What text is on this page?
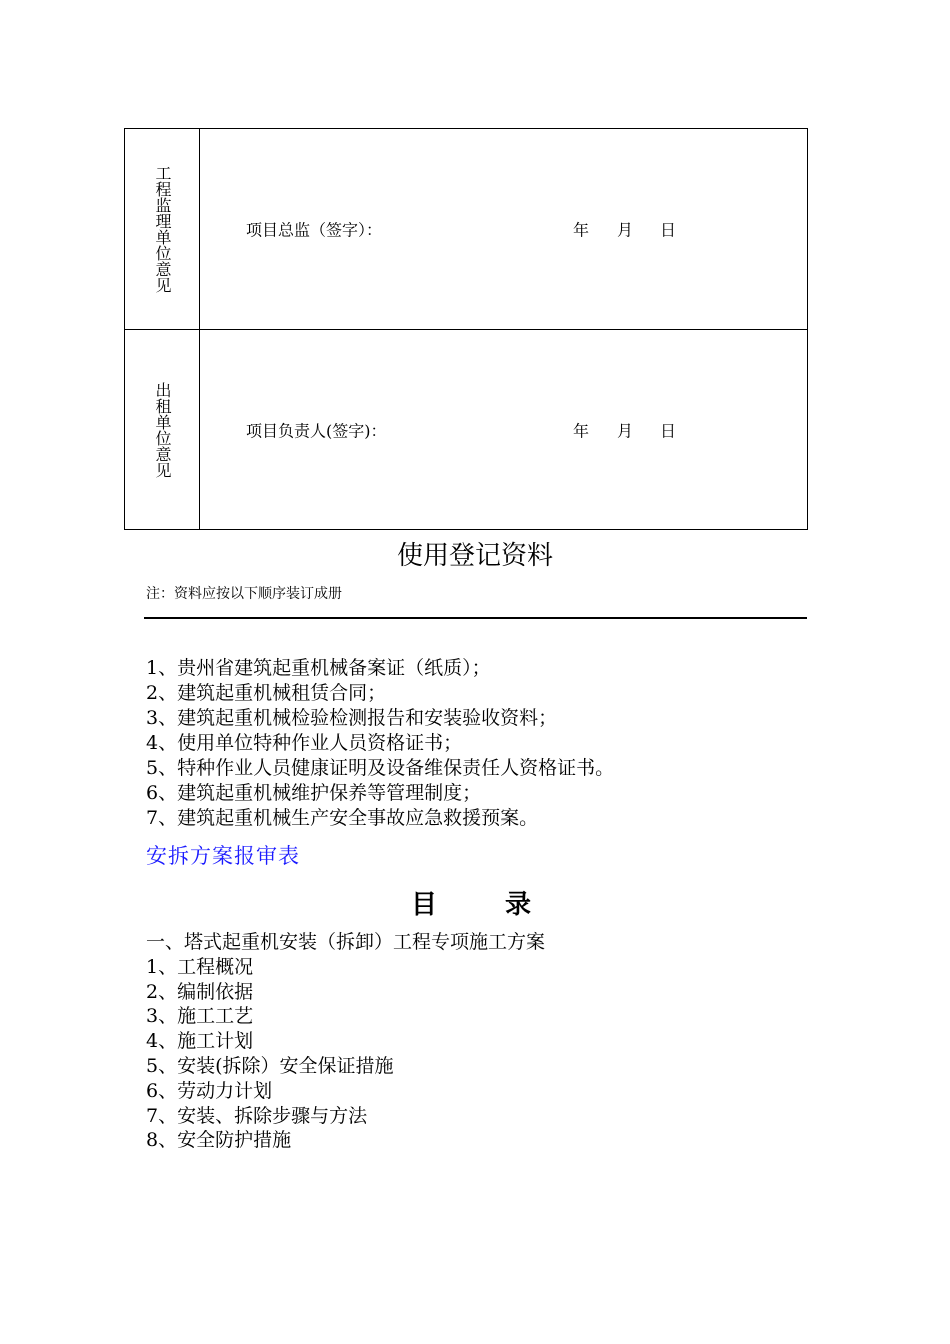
工程监理单位意见	项目总监（签字）：	年 月 日
出租单位意见	项目负责人(签字)：	年 月 日
使用登记资料
注：资料应按以下顺序装订成册
1、贵州省建筑起重机械备案证（纸质）；
2、建筑起重机械租赁合同；
3、建筑起重机械检验检测报告和安装验收资料；
4、使用单位特种作业人员资格证书；
5、特种作业人员健康证明及设备维保责任人资格证书。
6、建筑起重机械维护保养等管理制度；
7、建筑起重机械生产安全事故应急救援预案。
安拆方案报审表
目录
一、塔式起重机安装（拆卸）工程专项施工方案
1、工程概况
2、编制依据
3、施工工艺
4、施工计划
5、安装(拆除）安全保证措施
6、劳动力计划
7、安装、拆除步骤与方法
8、安全防护措施
